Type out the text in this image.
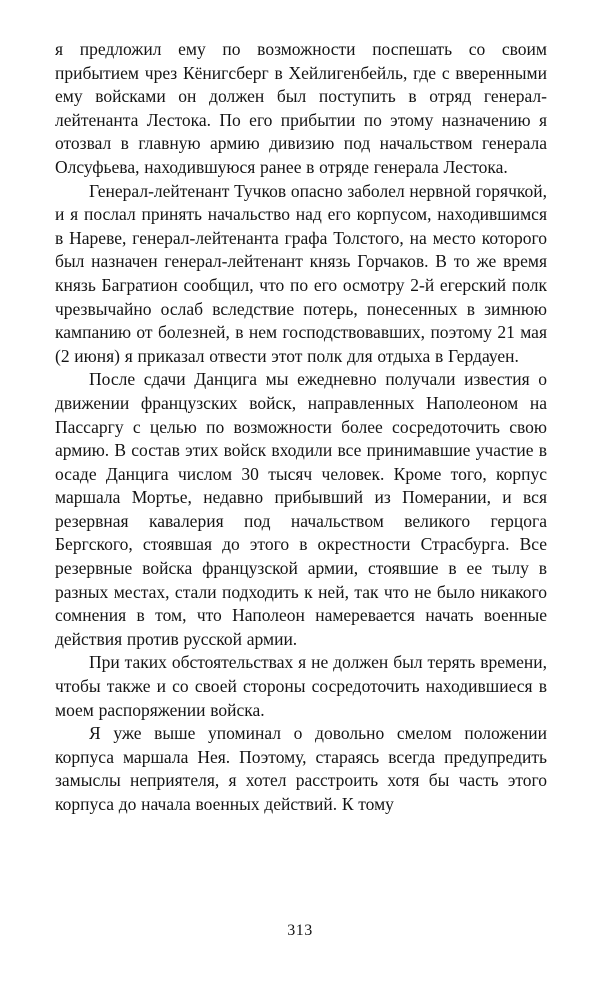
я предложил ему по возможности поспешать со своим прибытием чрез Кёнигсберг в Хейлигенбейль, где с вверенными ему войсками он должен был поступить в отряд генерал-лейтенанта Лестока. По его прибытии по этому назначению я отозвал в главную армию дивизию под начальством генерала Олсуфьева, находившуюся ранее в отряде генерала Лестока.

Генерал-лейтенант Тучков опасно заболел нервной горячкой, и я послал принять начальство над его корпусом, находившимся в Нареве, генерал-лейтенанта графа Толстого, на место которого был назначен генерал-лейтенант князь Горчаков. В то же время князь Багратион сообщил, что по его осмотру 2-й егерский полк чрезвычайно ослаб вследствие потерь, понесенных в зимнюю кампанию от болезней, в нем господствовавших, поэтому 21 мая (2 июня) я приказал отвести этот полк для отдыха в Гердауен.

После сдачи Данцига мы ежедневно получали известия о движении французских войск, направленных Наполеоном на Пассаргу с целью по возможности более сосредоточить свою армию. В состав этих войск входили все принимавшие участие в осаде Данцига числом 30 тысяч человек. Кроме того, корпус маршала Мортье, недавно прибывший из Померании, и вся резервная кавалерия под начальством великого герцога Бергского, стоявшая до этого в окрестности Страсбурга. Все резервные войска французской армии, стоявшие в ее тылу в разных местах, стали подходить к ней, так что не было никакого сомнения в том, что Наполеон намеревается начать военные действия против русской армии.

При таких обстоятельствах я не должен был терять времени, чтобы также и со своей стороны сосредоточить находившиеся в моем распоряжении войска.

Я уже выше упоминал о довольно смелом положении корпуса маршала Нея. Поэтому, стараясь всегда предупредить замыслы неприятеля, я хотел расстроить хотя бы часть этого корпуса до начала военных действий. К тому

313
